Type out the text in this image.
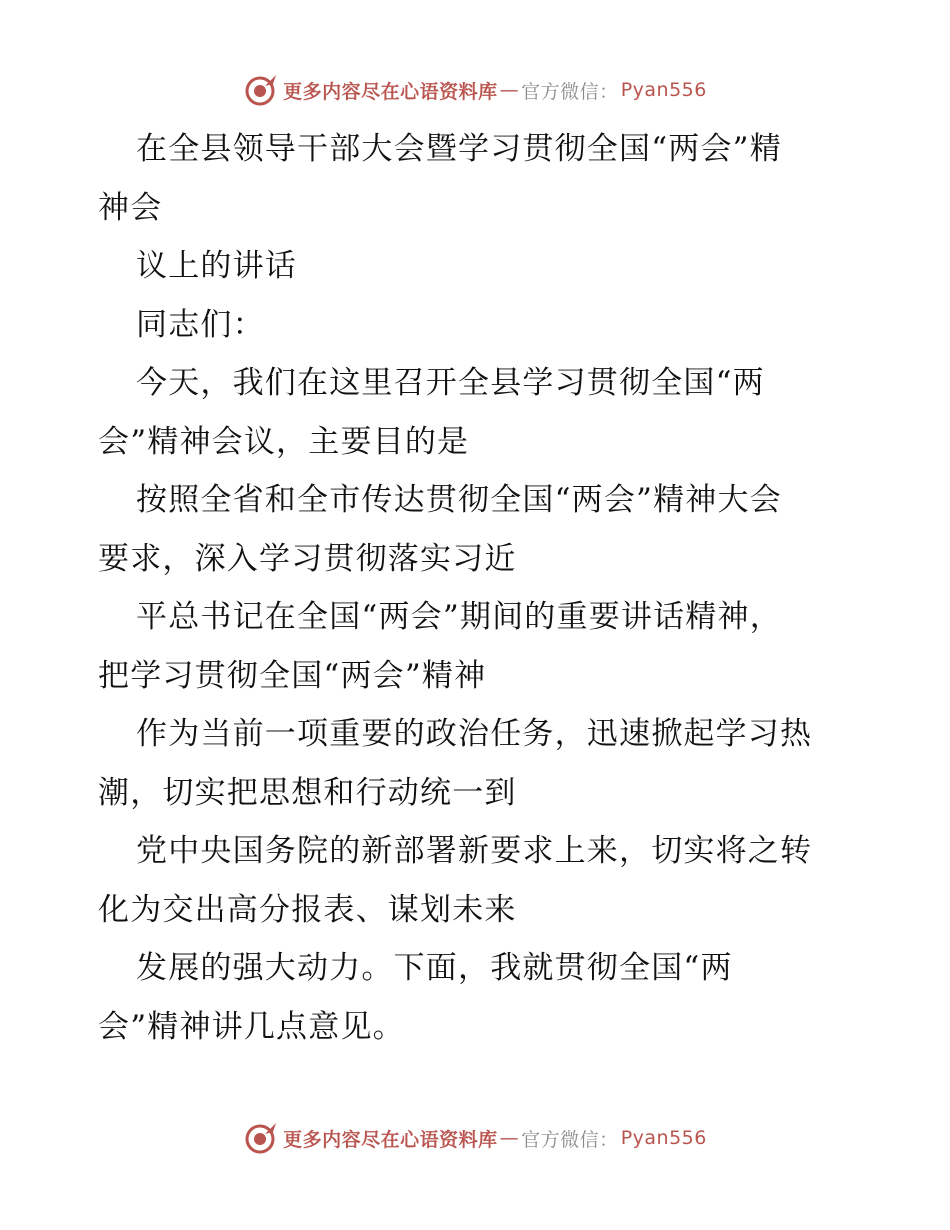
更多内容尽在心语资料库 — 官方微信： Pyan556
在全县领导干部大会暨学习贯彻全国“两会”精
神会
议上的讲话
同志们：
今天，我们在这里召开全县学习贯彻全国“两
会”精神会议，主要目的是
按照全省和全市传达贯彻全国“两会”精神大会
要求，深入学习贯彻落实习近
平总书记在全国“两会”期间的重要讲话精神，
把学习贯彻全国“两会”精神
作为当前一项重要的政治任务，迅速掀起学习热
潮，切实把思想和行动统一到
党中央国务院的新部署新要求上来，切实将之转
化为交出高分报表、谋划未来
发展的强大动力。下面，我就贯彻全国“两
会”精神讲几点意见。
更多内容尽在心语资料库 — 官方微信： Pyan556
